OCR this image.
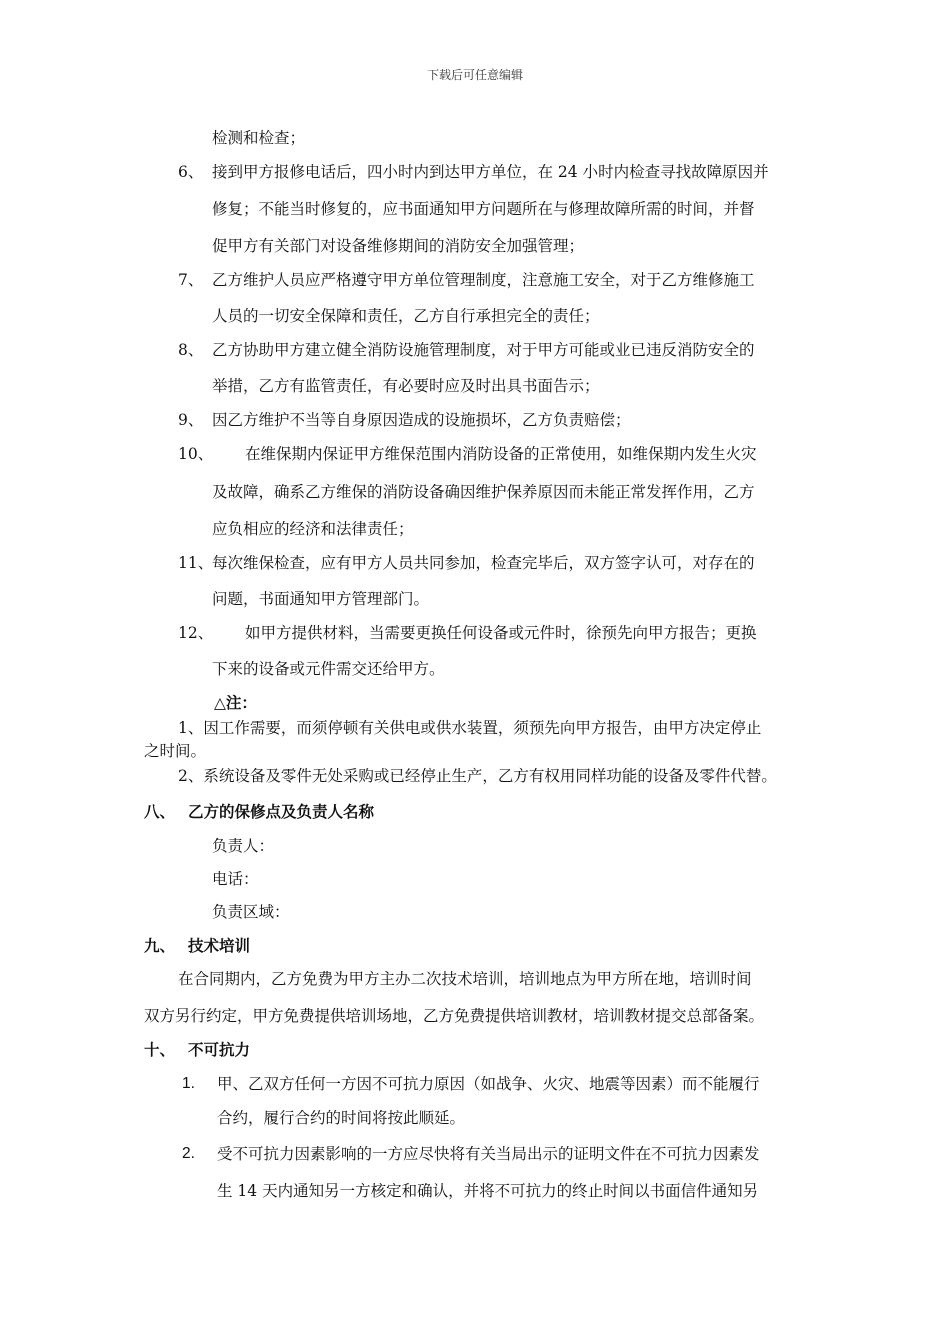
下载后可任意编辑
检测和检查；
6、 接到甲方报修电话后，四小时内到达甲方单位，在 24 小时内检查寻找故障原因并
修复；不能当时修复的，应书面通知甲方问题所在与修理故障所需的时间，并督
促甲方有关部门对设备维修期间的消防安全加强管理；
7、 乙方维护人员应严格遵守甲方单位管理制度，注意施工安全，对于乙方维修施工
人员的一切安全保障和责任，乙方自行承担完全的责任；
8、 乙方协助甲方建立健全消防设施管理制度，对于甲方可能或业已违反消防安全的
举措，乙方有监管责任，有必要时应及时出具书面告示；
9、 因乙方维护不当等自身原因造成的设施损坏，乙方负责赔偿；
10、 在维保期内保证甲方维保范围内消防设备的正常使用，如维保期内发生火灾
及故障，确系乙方维保的消防设备确因维护保养原因而未能正常发挥作用，乙方
应负相应的经济和法律责任；
11、
每次维保检查，应有甲方人员共同参加，检查完毕后，双方签字认可，对存在的
问题，书面通知甲方管理部门。
12、 如甲方提供材料，当需要更换任何设备或元件时，徐预先向甲方报告；更换
下来的设备或元件需交还给甲方。
△注：
1、因工作需要，而须停顿有关供电或供水装置，须预先向甲方报告，由甲方决定停止
之时间。
2、系统设备及零件无处采购或已经停止生产，乙方有权用同样功能的设备及零件代替。
八、 乙方的保修点及负责人名称
负责人：
电话：
负责区域：
九、 技术培训
在合同期内，乙方免费为甲方主办二次技术培训，培训地点为甲方所在地，培训时间
双方另行约定，甲方免费提供培训场地，乙方免费提供培训教材，培训教材提交总部备案。
十、 不可抗力
1. 甲、乙双方任何一方因不可抗力原因（如战争、火灾、地震等因素）而不能履行
合约，履行合约的时间将按此顺延。
2. 受不可抗力因素影响的一方应尽快将有关当局出示的证明文件在不可抗力因素发
生 14 天内通知另一方核定和确认，并将不可抗力的终止时间以书面信件通知另
